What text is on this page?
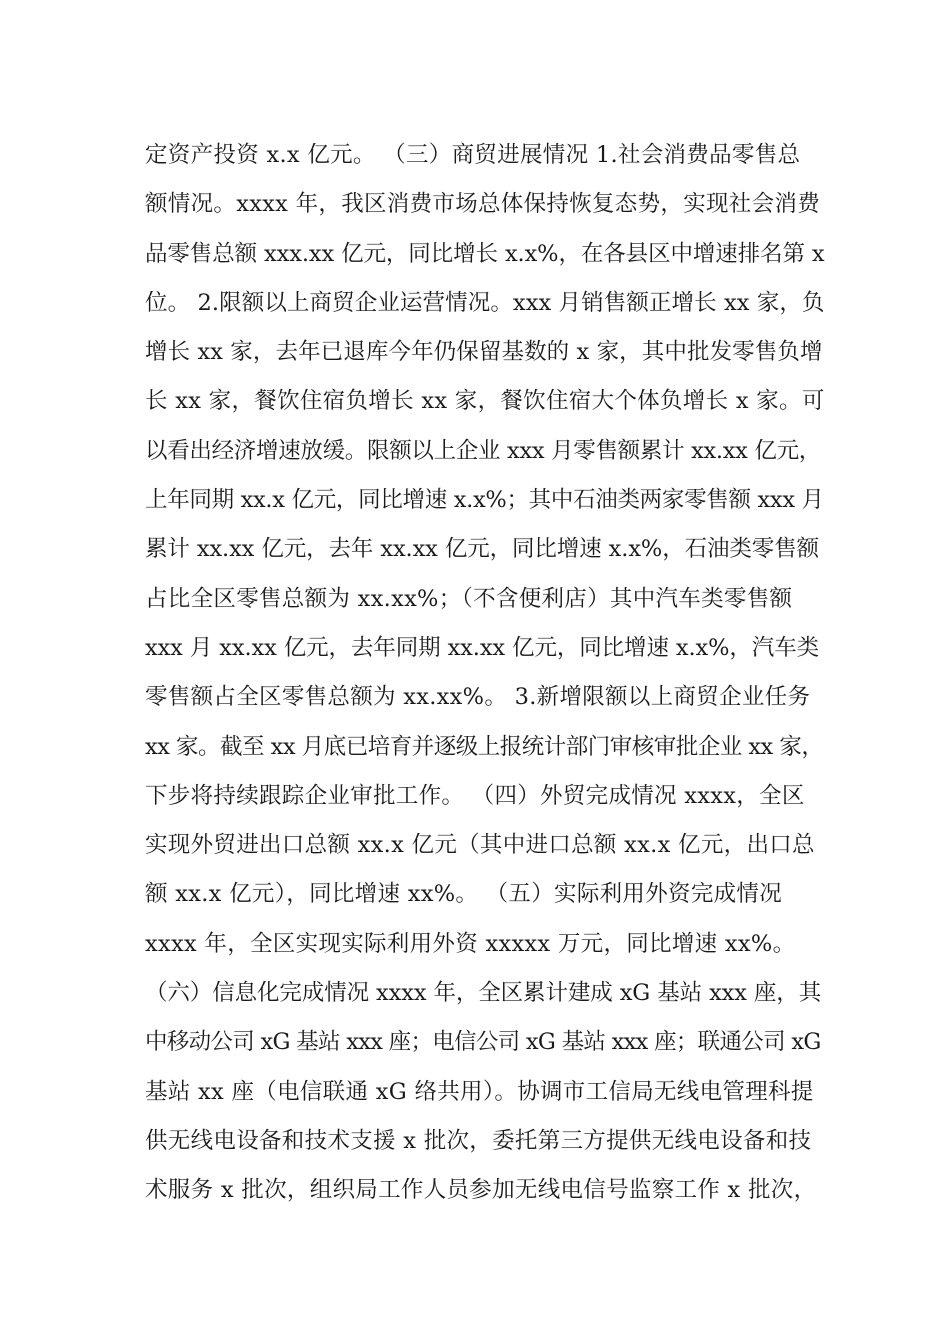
定资产投资 x.x 亿元。 （三）商贸进展情况 1.社会消费品零售总
额情况。xxxx 年，我区消费市场总体保持恢复态势，实现社会消费
品零售总额 xxx.xx 亿元，同比增长 x.x%，在各县区中增速排名第 x
位。 2.限额以上商贸企业运营情况。xxx 月销售额正增长 xx 家，负
增长 xx 家，去年已退库今年仍保留基数的 x 家，其中批发零售负增
长 xx 家，餐饮住宿负增长 xx 家，餐饮住宿大个体负增长 x 家。可
以看出经济增速放缓。限额以上企业 xxx 月零售额累计 xx.xx 亿元，
上年同期 xx.x 亿元，同比增速 x.x%；其中石油类两家零售额 xxx 月
累计 xx.xx 亿元，去年 xx.xx 亿元，同比增速 x.x%，石油类零售额
占比全区零售总额为 xx.xx%；（不含便利店）其中汽车类零售额
xxx 月 xx.xx 亿元，去年同期 xx.xx 亿元，同比增速 x.x%，汽车类
零售额占全区零售总额为 xx.xx%。 3.新增限额以上商贸企业任务
xx 家。截至 xx 月底已培育并逐级上报统计部门审核审批企业 xx 家，
下步将持续跟踪企业审批工作。 （四）外贸完成情况 xxxx，全区
实现外贸进出口总额 xx.x 亿元（其中进口总额 xx.x 亿元，出口总
额 xx.x 亿元），同比增速 xx%。 （五）实际利用外资完成情况
xxxx 年，全区实现实际利用外资 xxxxx 万元，同比增速 xx%。
（六）信息化完成情况 xxxx 年，全区累计建成 xG 基站 xxx 座，其
中移动公司 xG 基站 xxx 座；电信公司 xG 基站 xxx 座；联通公司 xG
基站 xx 座（电信联通 xG 络共用）。协调市工信局无线电管理科提
供无线电设备和技术支援 x 批次，委托第三方提供无线电设备和技
术服务 x 批次，组织局工作人员参加无线电信号监察工作 x 批次，
